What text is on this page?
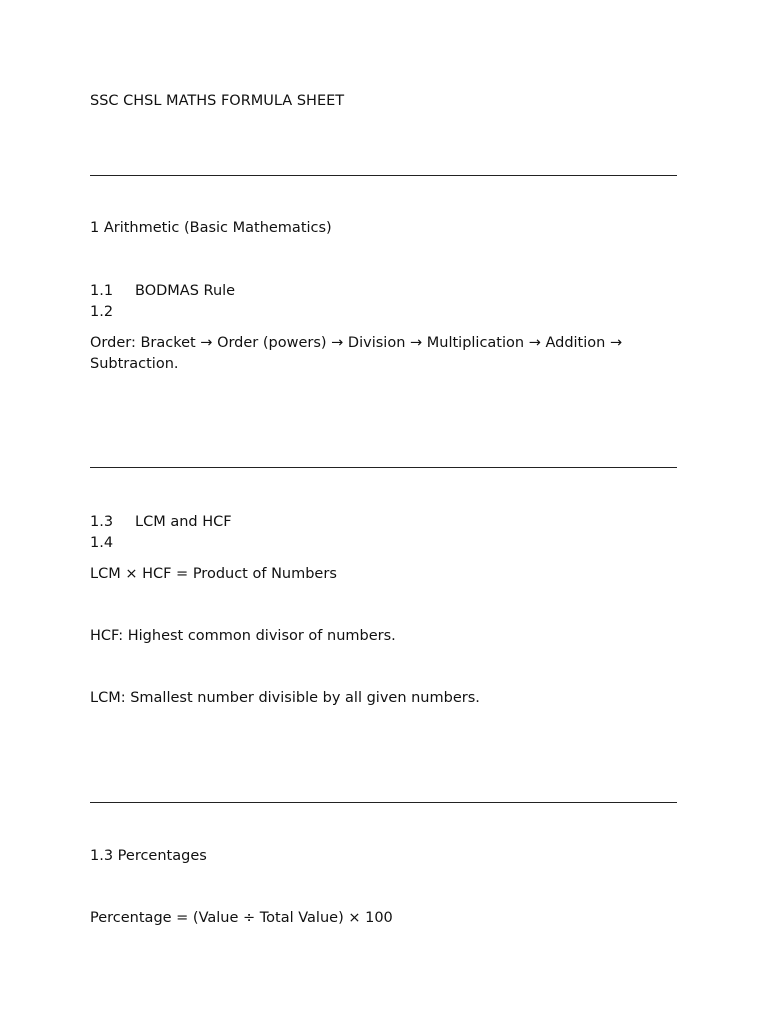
SSC CHSL MATHS FORMULA SHEET
1 Arithmetic (Basic Mathematics)
1.1 BODMAS Rule
1.2
Order: Bracket → Order (powers) → Division → Multiplication → Addition → Subtraction.
1.3 LCM and HCF
1.4
LCM × HCF = Product of Numbers
HCF: Highest common divisor of numbers.
LCM: Smallest number divisible by all given numbers.
1.3 Percentages
Percentage = (Value ÷ Total Value) × 100
